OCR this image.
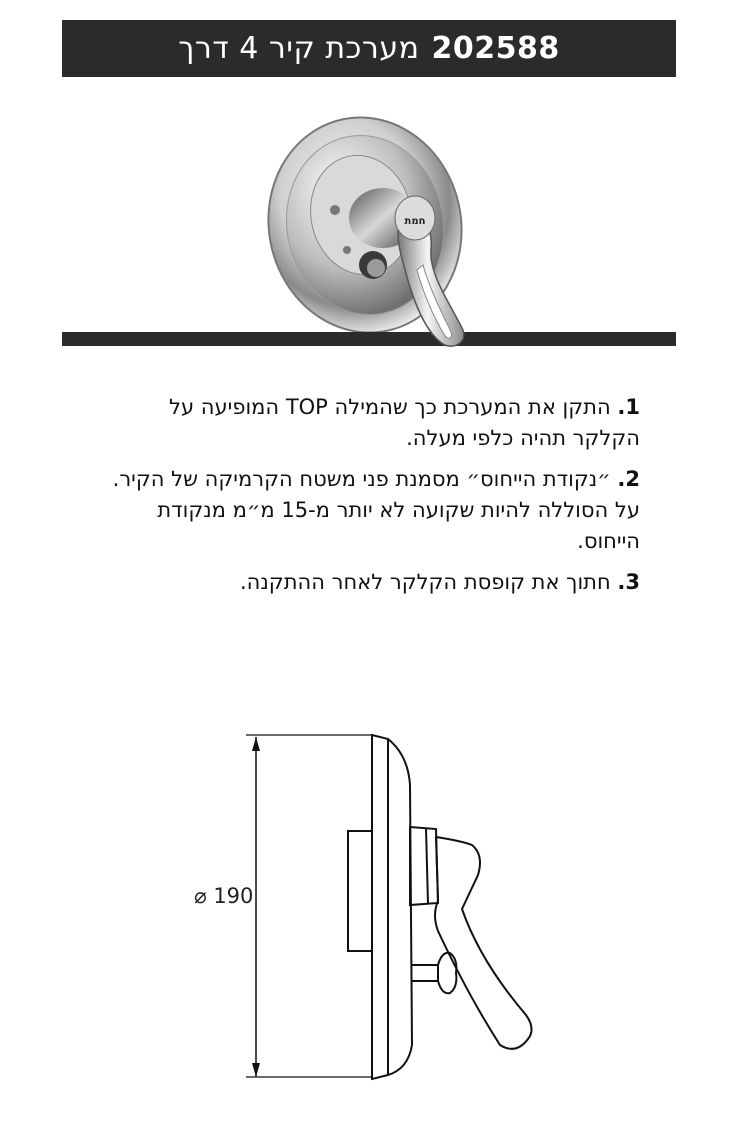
202588
מערכת קיר 4 דרך
חמת
1. התקן את המערכת כך שהמילה TOP המופיעה על
הקלקר תהיה כלפי מעלה.
2. ״נקודת הייחוס״ מסמנת פני משטח הקרמיקה של הקיר.
על הסוללה להיות שקועה לא יותר מ-15 מ״מ מנקודת הייחוס.
3. חתוך את קופסת הקלקר לאחר ההתקנה.
⌀ 190
